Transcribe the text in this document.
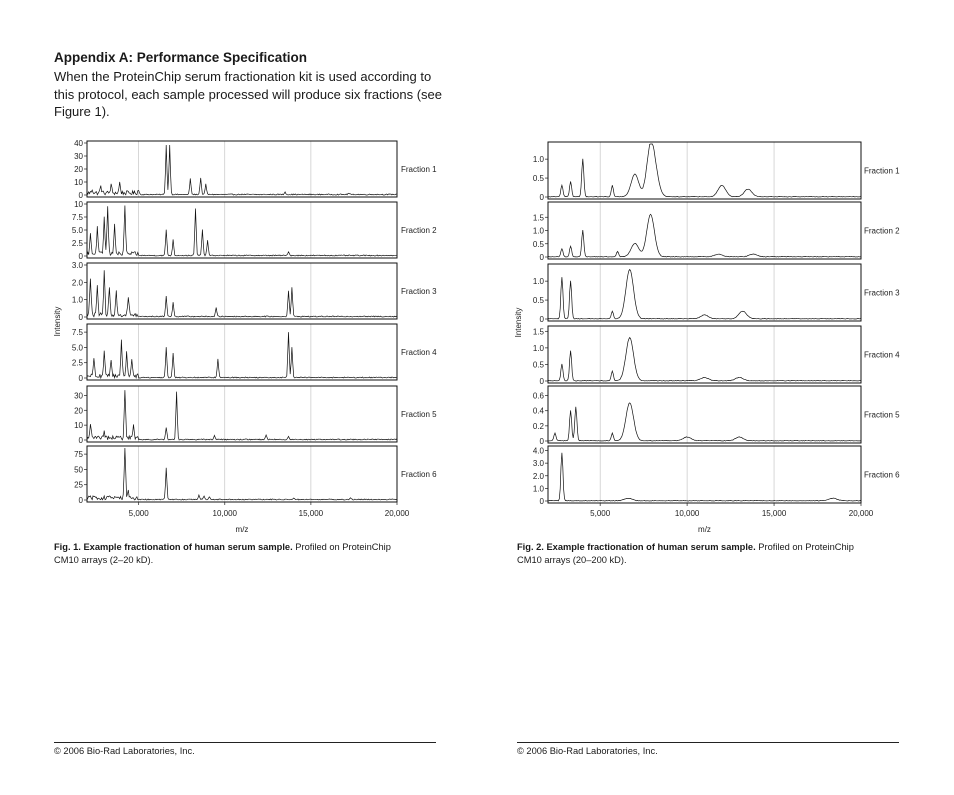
Appendix A: Performance Specification
When the ProteinChip serum fractionation kit is used according to this protocol, each sample processed will produce six fractions (see Figure 1).
0
10
20
30
40
Fraction 1
0
2.5
5.0
7.5
10
Fraction 2
0
1.0
2.0
3.0
Fraction 3
0
2.5
5.0
7.5
Fraction 4
0
10
20
30
Fraction 5
0
25
50
75
Fraction 6
5,000	10,000	15,000	20,000
m/z
Intensity
0
0.5
1.0
Fraction 1
0
0.5
1.0
1.5
Fraction 2
0
0.5
1.0
Fraction 3
0
0.5
1.0
1.5
Fraction 4
0
0.2
0.4
0.6
Fraction 5
0
1.0
2.0
3.0
4.0
Fraction 6
5,000	10,000	15,000	20,000
m/z
Intensity
Fig. 1. Example fractionation of human serum sample. Profiled on ProteinChip CM10 arrays (2–20 kD).
Fig. 2. Example fractionation of human serum sample. Profiled on ProteinChip CM10 arrays (20–200 kD).
© 2006 Bio-Rad Laboratories, Inc.	© 2006 Bio-Rad Laboratories, Inc.
